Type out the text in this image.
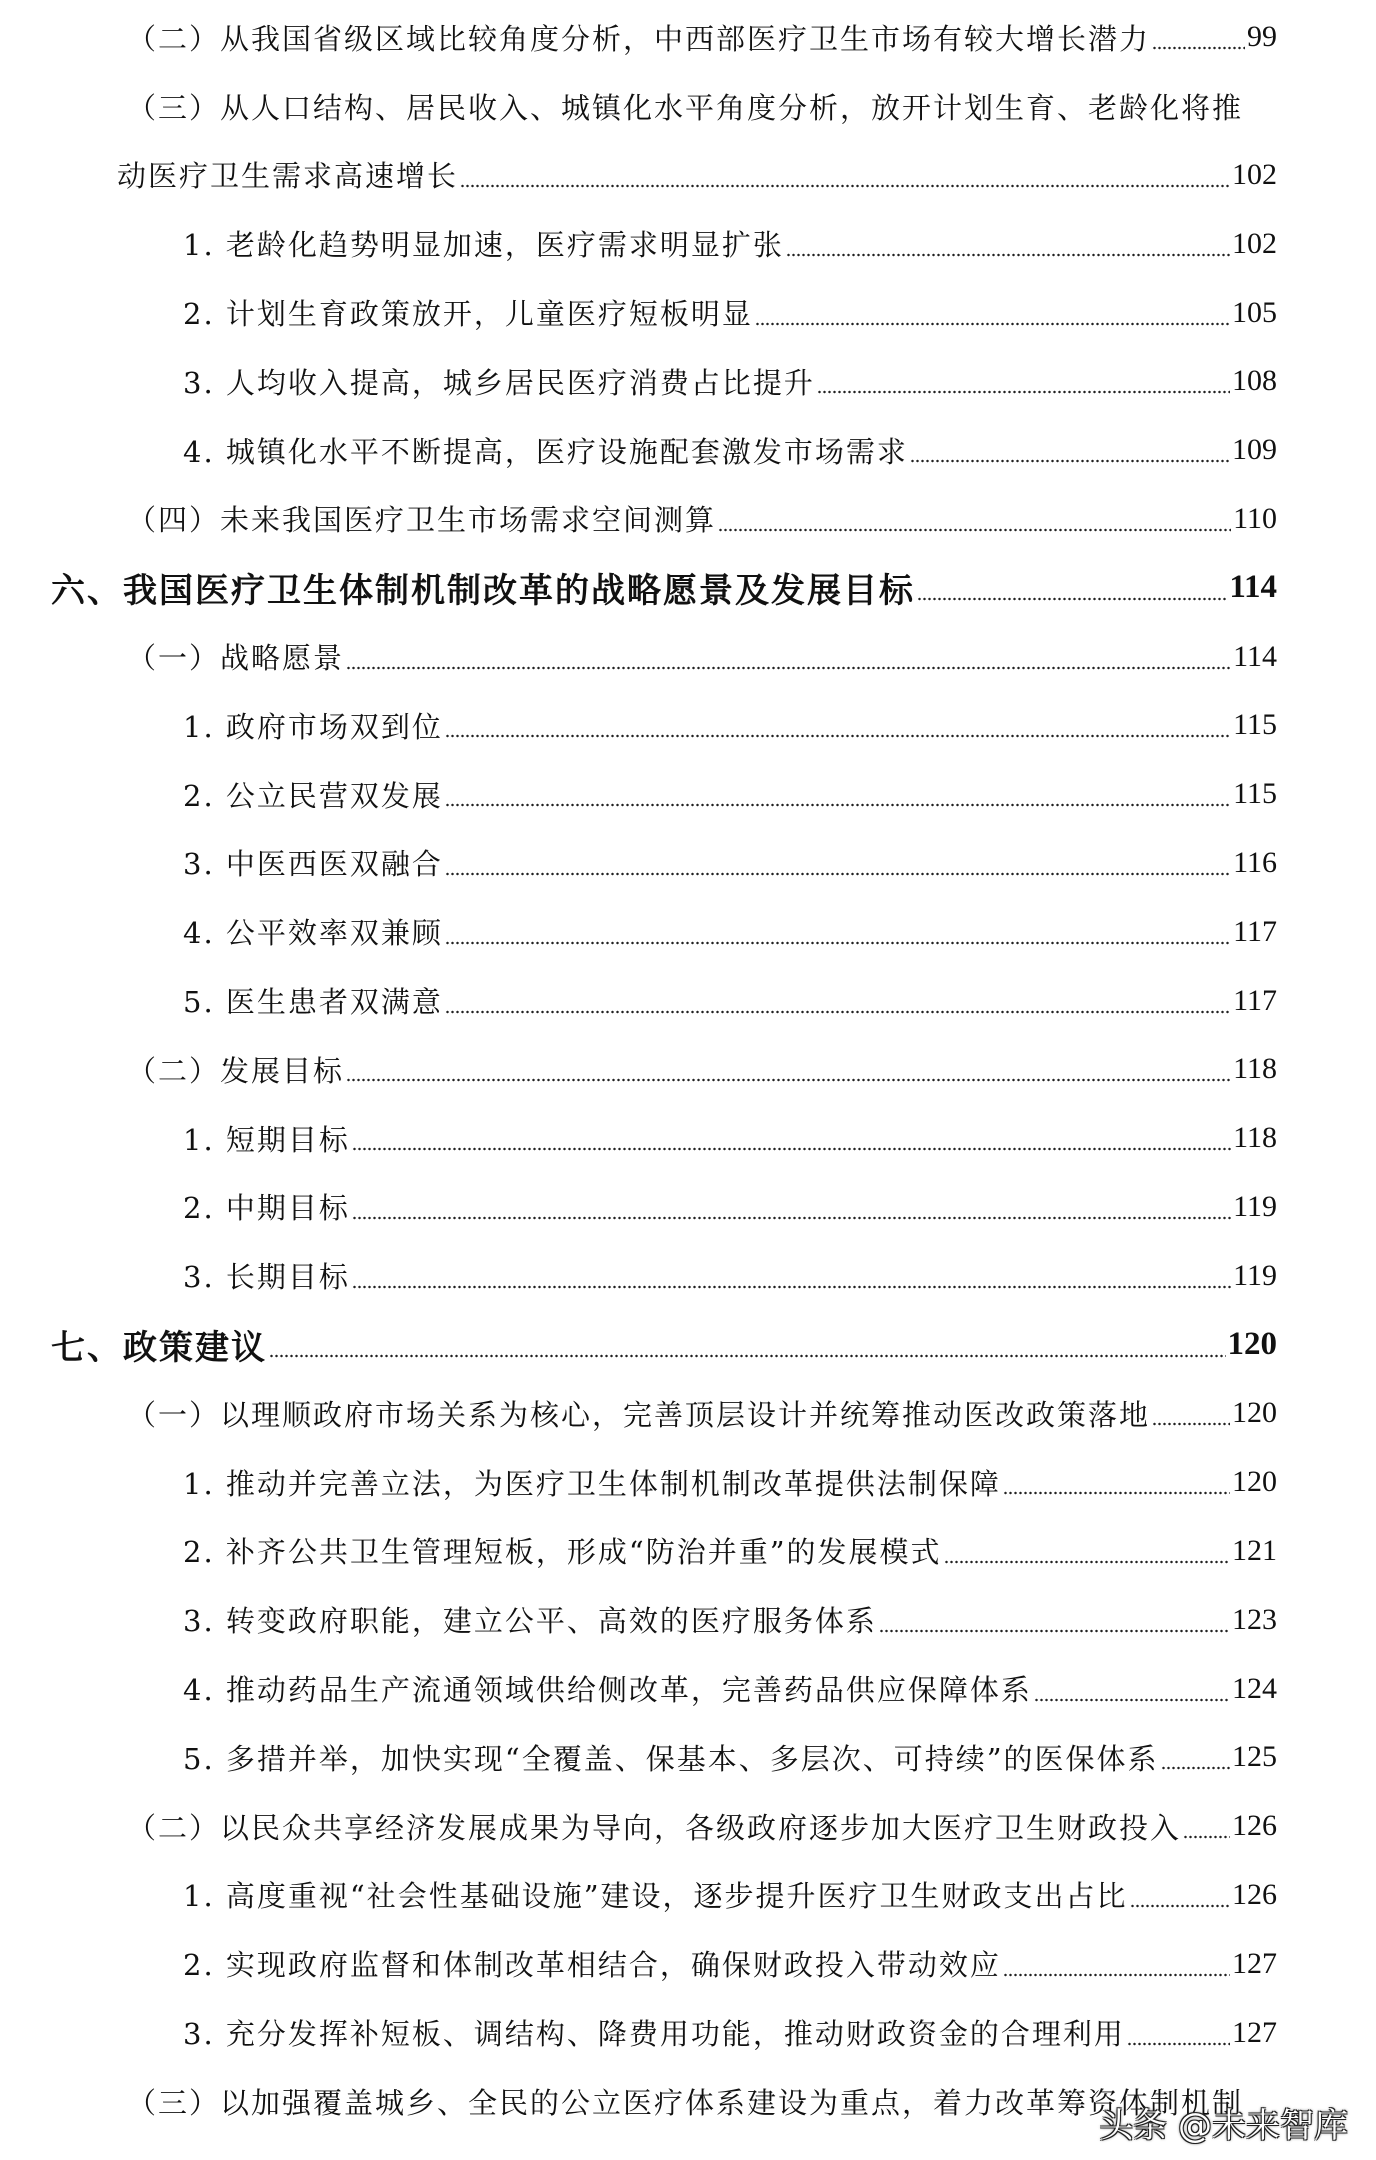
（二）从我国省级区域比较角度分析，中西部医疗卫生市场有较大增长潜力	99
（三）从人口结构、居民收入、城镇化水平角度分析，放开计划生育、老龄化将推
动医疗卫生需求高速增长	102
1. 老龄化趋势明显加速，医疗需求明显扩张	102
2. 计划生育政策放开，儿童医疗短板明显	105
3. 人均收入提高，城乡居民医疗消费占比提升	108
4. 城镇化水平不断提高，医疗设施配套激发市场需求	109
（四）未来我国医疗卫生市场需求空间测算	110
六、我国医疗卫生体制机制改革的战略愿景及发展目标	114
（一）战略愿景	114
1. 政府市场双到位	115
2. 公立民营双发展	115
3. 中医西医双融合	116
4. 公平效率双兼顾	117
5. 医生患者双满意	117
（二）发展目标	118
1. 短期目标	118
2. 中期目标	119
3. 长期目标	119
七、政策建议	120
（一）以理顺政府市场关系为核心，完善顶层设计并统筹推动医改政策落地	120
1. 推动并完善立法，为医疗卫生体制机制改革提供法制保障	120
2. 补齐公共卫生管理短板，形成“防治并重”的发展模式	121
3. 转变政府职能，建立公平、高效的医疗服务体系	123
4. 推动药品生产流通领域供给侧改革，完善药品供应保障体系	124
5. 多措并举，加快实现“全覆盖、保基本、多层次、可持续”的医保体系 125
（二）以民众共享经济发展成果为导向，各级政府逐步加大医疗卫生财政投入 126
1. 高度重视“社会性基础设施”建设，逐步提升医疗卫生财政支出占比	126
2. 实现政府监督和体制改革相结合，确保财政投入带动效应	127
3. 充分发挥补短板、调结构、降费用功能，推动财政资金的合理利用	127
（三）以加强覆盖城乡、全民的公立医疗体系建设为重点，着力改革筹资体制机制
头条 @未来智库
